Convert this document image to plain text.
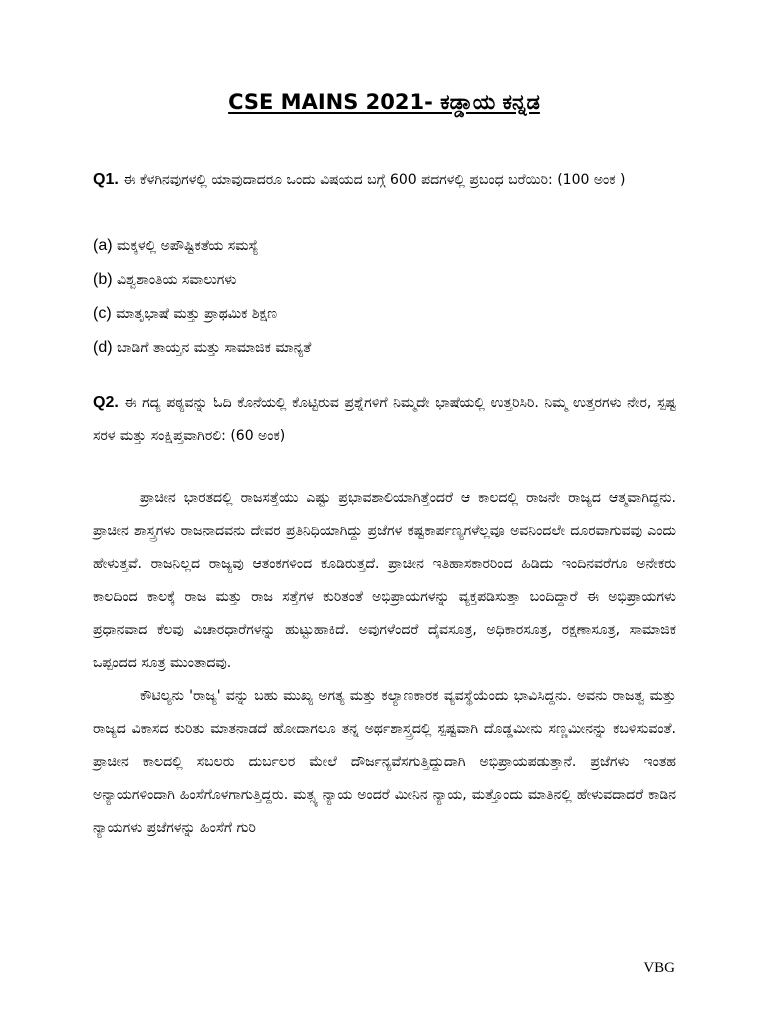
CSE MAINS 2021- ಕಡ್ಡಾಯ ಕನ್ನಡ
Q1. ಈ ಕೆಳಗಿನವುಗಳಲ್ಲಿ ಯಾವುದಾದರೂ ಒಂದು ವಿಷಯದ ಬಗ್ಗೆ 600 ಪದಗಳಲ್ಲಿ ಪ್ರಬಂಧ ಬರೆಯಿರಿ: (100 ಅಂಕ )
(a) ಮಕ್ಕಳಲ್ಲಿ ಅಪೌಷ್ಟಿಕತೆಯ ಸಮಸ್ಯೆ
(b) ವಿಶ್ವಶಾಂತಿಯ ಸವಾಲುಗಳು
(c) ಮಾತೃಭಾಷೆ ಮತ್ತು ಪ್ರಾಥಮಿಕ ಶಿಕ್ಷಣ
(d) ಬಾಡಿಗೆ ತಾಯ್ತನ ಮತ್ತು ಸಾಮಾಜಿಕ ಮಾನ್ಯತೆ
Q2. ಈ ಗದ್ಯ ಪಠ್ಯವನ್ನು ಓದಿ ಕೊನೆಯಲ್ಲಿ ಕೊಟ್ಟಿರುವ ಪ್ರಶ್ನೆಗಳಿಗೆ ನಿಮ್ಮದೇ ಭಾಷೆಯಲ್ಲಿ ಉತ್ತರಿಸಿರಿ. ನಿಮ್ಮ ಉತ್ತರಗಳು ನೇರ, ಸ್ಪಷ್ಟ ಸರಳ ಮತ್ತು ಸಂಕ್ಷಿಪ್ತವಾಗಿರಲಿ: (60 ಅಂಕ)

ಪ್ರಾಚೀನ ಭಾರತದಲ್ಲಿ ರಾಜಸತ್ತೆಯು ಎಷ್ಟು ಪ್ರಭಾವಶಾಲಿಯಾಗಿತ್ತೆಂದರೆ ಆ ಕಾಲದಲ್ಲಿ ರಾಜನೇ ರಾಜ್ಯದ ಆತ್ಮವಾಗಿದ್ದನು. ಪ್ರಾಚೀನ ಶಾಸ್ತ್ರಗಳು ರಾಜನಾದವನು ದೇವರ ಪ್ರತಿನಿಧಿಯಾಗಿದ್ದು ಪ್ರಜೆಗಳ ಕಷ್ಟಕಾರ್ಪಣ್ಯಗಳೆಲ್ಲವೂ ಅವನಿಂದಲೇ ದೂರವಾಗುವವು ಎಂದು ಹೇಳುತ್ತವೆ. ರಾಜನಿಲ್ಲದ ರಾಜ್ಯವು ಆತಂಕಗಳಿಂದ ಕೂಡಿರುತ್ತದೆ. ಪ್ರಾಚೀನ ಇತಿಹಾಸಕಾರರಿಂದ ಹಿಡಿದು ಇಂದಿನವರೆಗೂ ಅನೇಕರು ಕಾಲದಿಂದ ಕಾಲಕ್ಕೆ ರಾಜ ಮತ್ತು ರಾಜ ಸತ್ತೆಗಳ ಕುರಿತಂತೆ ಅಭಿಪ್ರಾಯಗಳನ್ನು ವ್ಯಕ್ತಪಡಿಸುತ್ತಾ ಬಂದಿದ್ದಾರೆ ಈ ಅಭಿಪ್ರಾಯಗಳು ಪ್ರಧಾನವಾದ ಕೆಲವು ವಿಚಾರಧಾರೆಗಳನ್ನು ಹುಟ್ಟುಹಾಕಿದೆ. ಅವುಗಳೆಂದರೆ ದೈವಸೂತ್ರ, ಅಧಿಕಾರಸೂತ್ರ, ರಕ್ಷಣಾಸೂತ್ರ, ಸಾಮಾಜಿಕ ಒಪ್ಪಂದದ ಸೂತ್ರ ಮುಂತಾದವು.

ಕೌಟಿಲ್ಯನು 'ರಾಜ್ಯ' ವನ್ನು ಬಹು ಮುಖ್ಯ ಅಗತ್ಯ ಮತ್ತು ಕಲ್ಯಾಣಕಾರಕ ವ್ಯವಸ್ಥೆಯೆಂದು ಭಾವಿಸಿದ್ದನು. ಅವನು ರಾಜತ್ವ ಮತ್ತು ರಾಜ್ಯದ ವಿಕಾಸದ ಕುರಿತು ಮಾತನಾಡದೆ ಹೋದಾಗಲೂ ತನ್ನ ಅರ್ಥಶಾಸ್ತ್ರದಲ್ಲಿ ಸ್ಪಷ್ಟವಾಗಿ ದೊಡ್ಡಮೀನು ಸಣ್ಣಮೀನನ್ನು ಕಬಳಿಸುವಂತೆ. ಪ್ರಾಚೀನ ಕಾಲದಲ್ಲಿ ಸಬಲರು ದುರ್ಬಲರ ಮೇಲೆ ದೌರ್ಜನ್ಯವೆಸಗುತ್ತಿದ್ದುದಾಗಿ ಅಭಿಪ್ರಾಯಪಡುತ್ತಾನೆ. ಪ್ರಜೆಗಳು ಇಂತಹ ಅನ್ಯಾಯಗಳಿಂದಾಗಿ ಹಿಂಸೆಗೊಳಗಾಗುತ್ತಿದ್ದರು. ಮತ್ಸ್ಯ ನ್ಯಾಯ ಅಂದರೆ ಮೀನಿನ ನ್ಯಾಯ, ಮತ್ತೊಂದು ಮಾತಿನಲ್ಲಿ ಹೇಳುವದಾದರೆ ಕಾಡಿನ ನ್ಯಾಯಗಳು ಪ್ರಜೆಗಳನ್ನು ಹಿಂಸೆಗೆ ಗುರಿ

VBG
